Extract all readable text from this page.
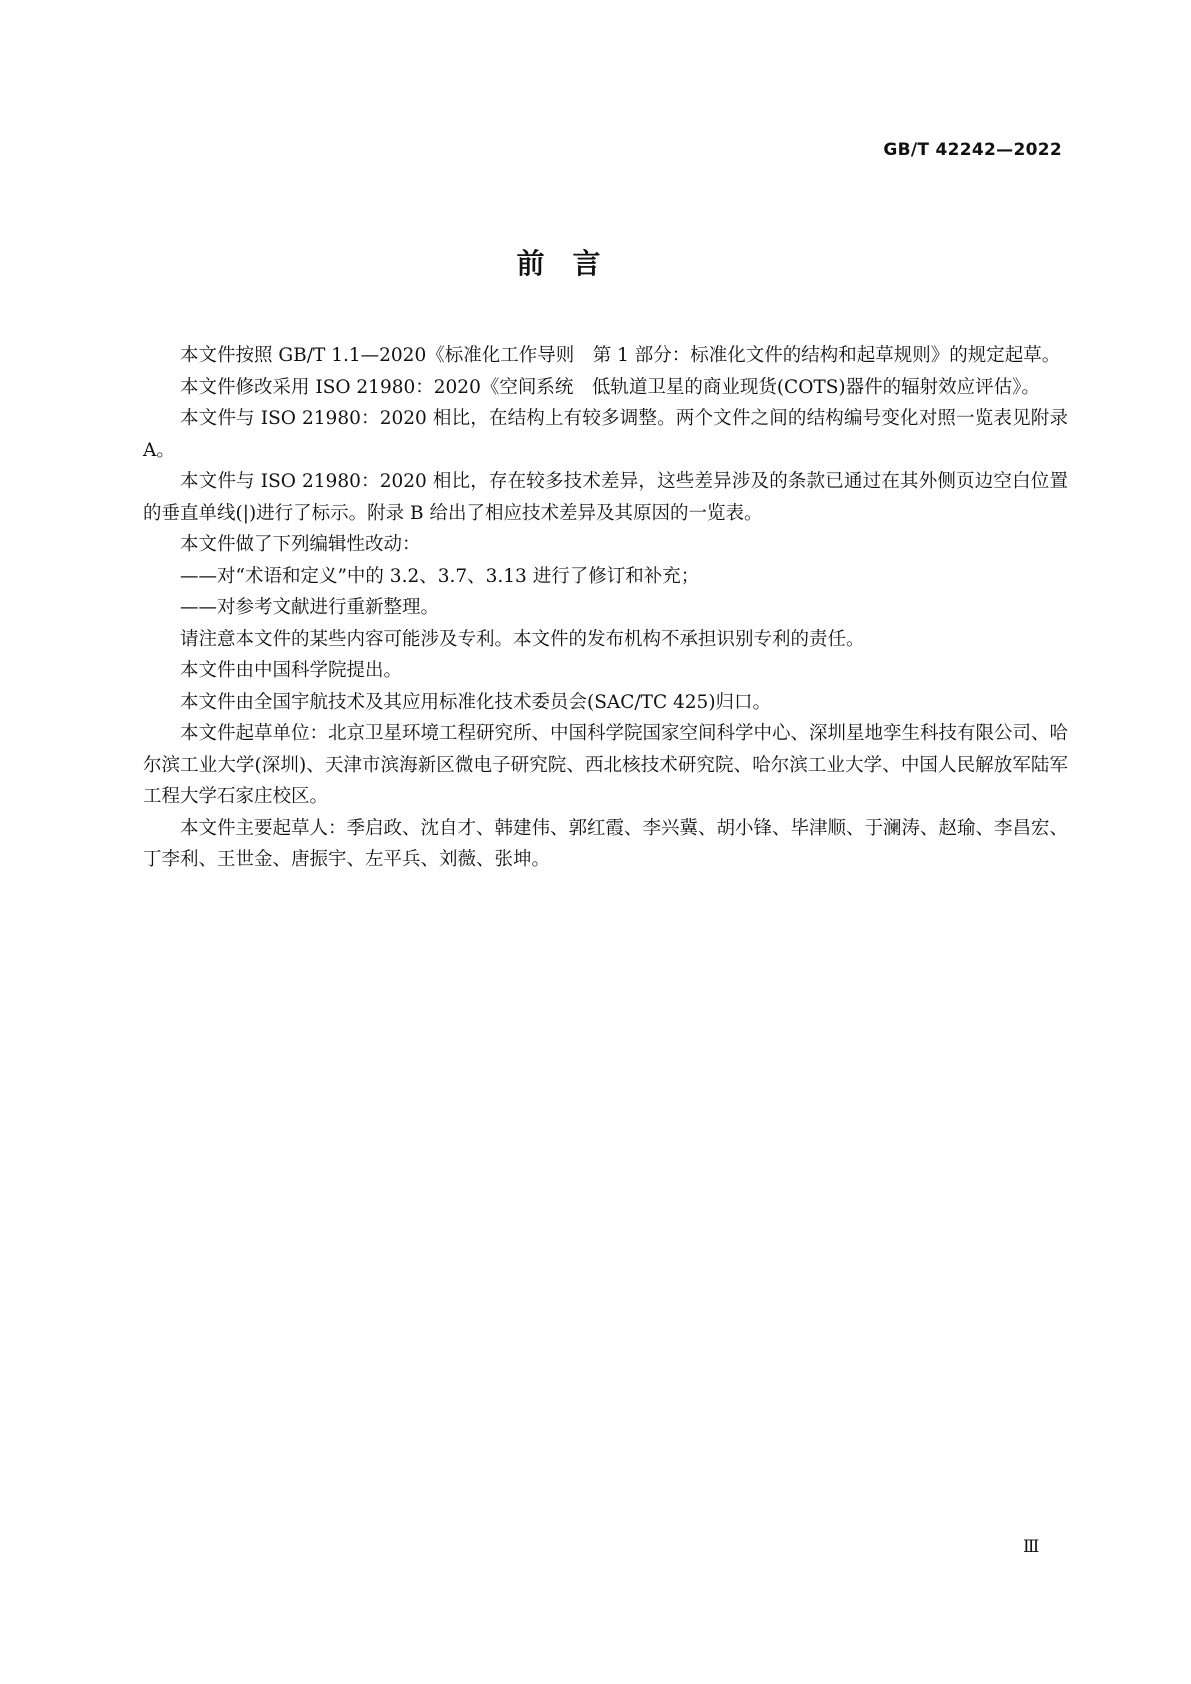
GB/T 42242—2022
前　言

本文件按照 GB/T 1.1—2020《标准化工作导则　第 1 部分：标准化文件的结构和起草规则》的规定起草。

本文件修改采用 ISO 21980：2020《空间系统　低轨道卫星的商业现货(COTS)器件的辐射效应评估》。

本文件与 ISO 21980：2020 相比，在结构上有较多调整。两个文件之间的结构编号变化对照一览表见附录 A。

本文件与 ISO 21980：2020 相比，存在较多技术差异，这些差异涉及的条款已通过在其外侧页边空白位置的垂直单线(|)进行了标示。附录 B 给出了相应技术差异及其原因的一览表。

本文件做了下列编辑性改动：

——对“术语和定义”中的 3.2、3.7、3.13 进行了修订和补充；

——对参考文献进行重新整理。

请注意本文件的某些内容可能涉及专利。本文件的发布机构不承担识别专利的责任。

本文件由中国科学院提出。

本文件由全国宇航技术及其应用标准化技术委员会(SAC/TC 425)归口。

本文件起草单位：北京卫星环境工程研究所、中国科学院国家空间科学中心、深圳星地孪生科技有限公司、哈尔滨工业大学(深圳)、天津市滨海新区微电子研究院、西北核技术研究院、哈尔滨工业大学、中国人民解放军陆军工程大学石家庄校区。

本文件主要起草人：季启政、沈自才、韩建伟、郭红霞、李兴冀、胡小锋、毕津顺、于澜涛、赵瑜、李昌宏、丁李利、王世金、唐振宇、左平兵、刘薇、张坤。

Ⅲ
